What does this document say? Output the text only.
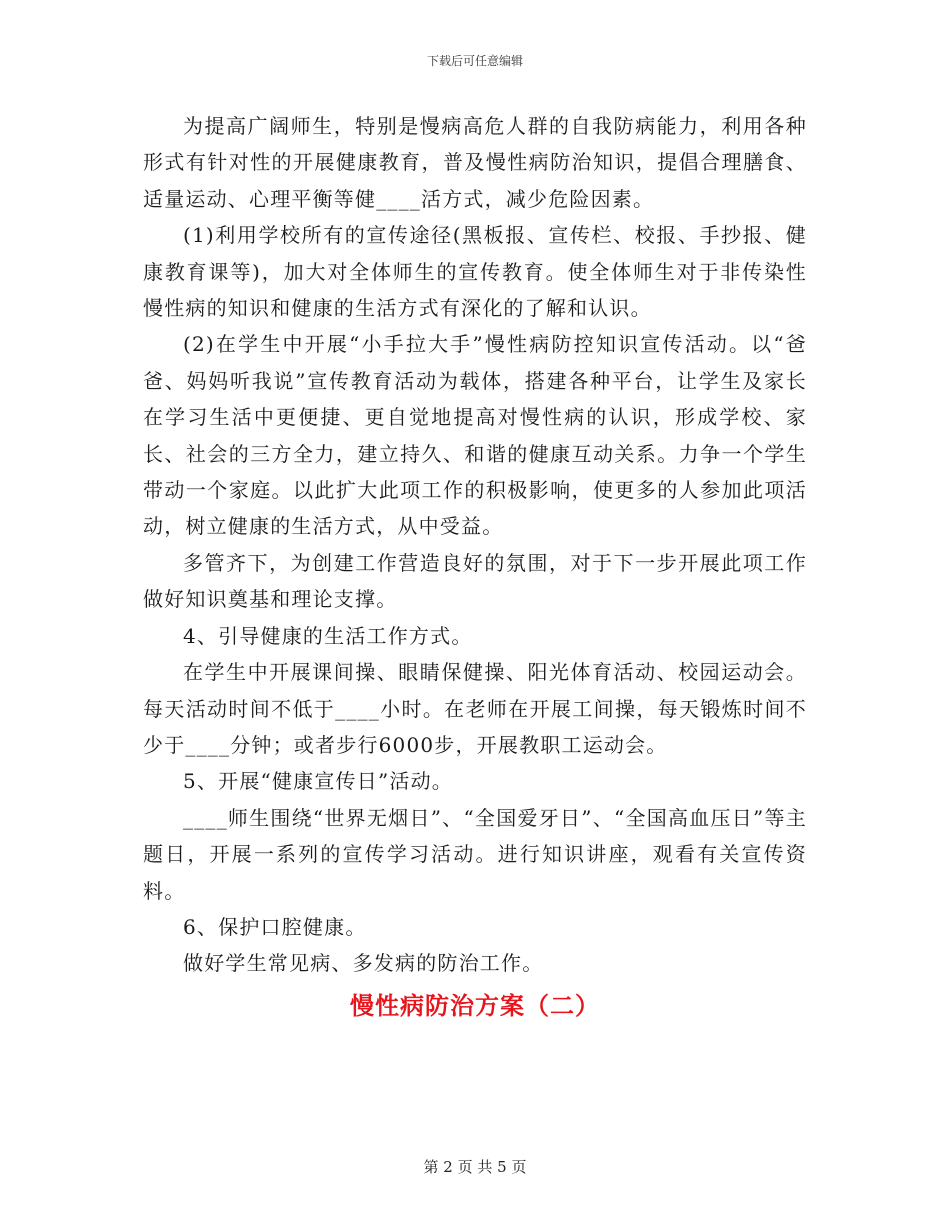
下载后可任意编辑

为提高广阔师生，特别是慢病高危人群的自我防病能力，利用各种形式有针对性的开展健康教育，普及慢性病防治知识，提倡合理膳食、适量运动、心理平衡等健____活方式，减少危险因素。

(1)利用学校所有的宣传途径(黑板报、宣传栏、校报、手抄报、健康教育课等)，加大对全体师生的宣传教育。使全体师生对于非传染性慢性病的知识和健康的生活方式有深化的了解和认识。

(2)在学生中开展“小手拉大手”慢性病防控知识宣传活动。以“爸爸、妈妈听我说”宣传教育活动为载体，搭建各种平台，让学生及家长在学习生活中更便捷、更自觉地提高对慢性病的认识，形成学校、家长、社会的三方全力，建立持久、和谐的健康互动关系。力争一个学生带动一个家庭。以此扩大此项工作的积极影响，使更多的人参加此项活动，树立健康的生活方式，从中受益。

多管齐下，为创建工作营造良好的氛围，对于下一步开展此项工作做好知识奠基和理论支撑。

4、引导健康的生活工作方式。

在学生中开展课间操、眼睛保健操、阳光体育活动、校园运动会。每天活动时间不低于____小时。在老师在开展工间操，每天锻炼时间不少于____分钟；或者步行6000步，开展教职工运动会。

5、开展“健康宣传日”活动。

____师生围绕“世界无烟日”、“全国爱牙日”、“全国高血压日”等主题日，开展一系列的宣传学习活动。进行知识讲座，观看有关宣传资料。

6、保护口腔健康。

做好学生常见病、多发病的防治工作。

慢性病防治方案（二）
第 2 页 共 5 页
